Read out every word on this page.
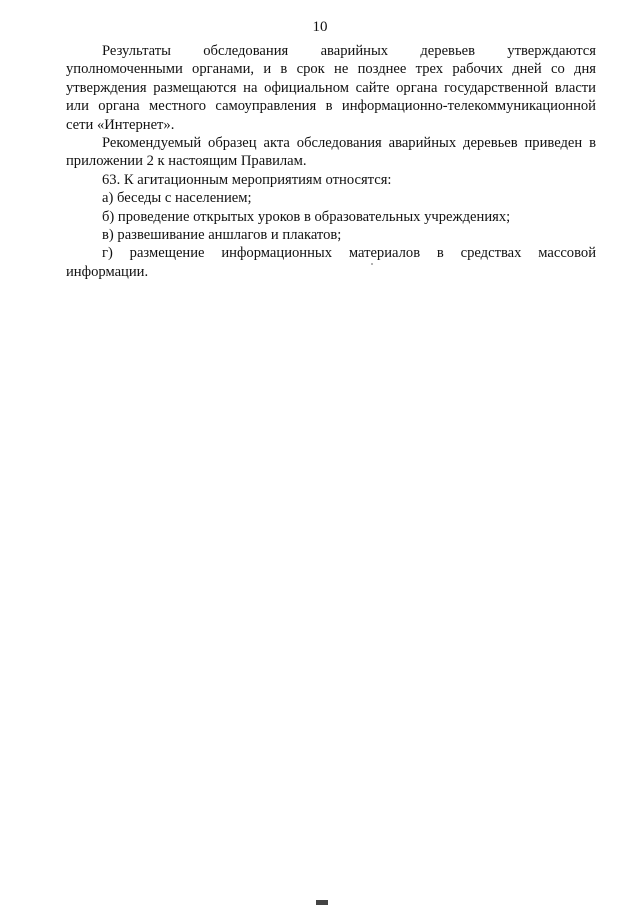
10

Результаты обследования аварийных деревьев утверждаются уполномоченными органами, и в срок не позднее трех рабочих дней со дня утверждения размещаются на официальном сайте органа государственной власти или органа местного самоуправления в информационно-телекоммуникационной сети «Интернет».

Рекомендуемый образец акта обследования аварийных деревьев приведен в приложении 2 к настоящим Правилам.

63. К агитационным мероприятиям относятся:

а) беседы с населением;

б) проведение открытых уроков в образовательных учреждениях;

в) развешивание аншлагов и плакатов;

г) размещение информационных материалов в средствах массовой информации.
